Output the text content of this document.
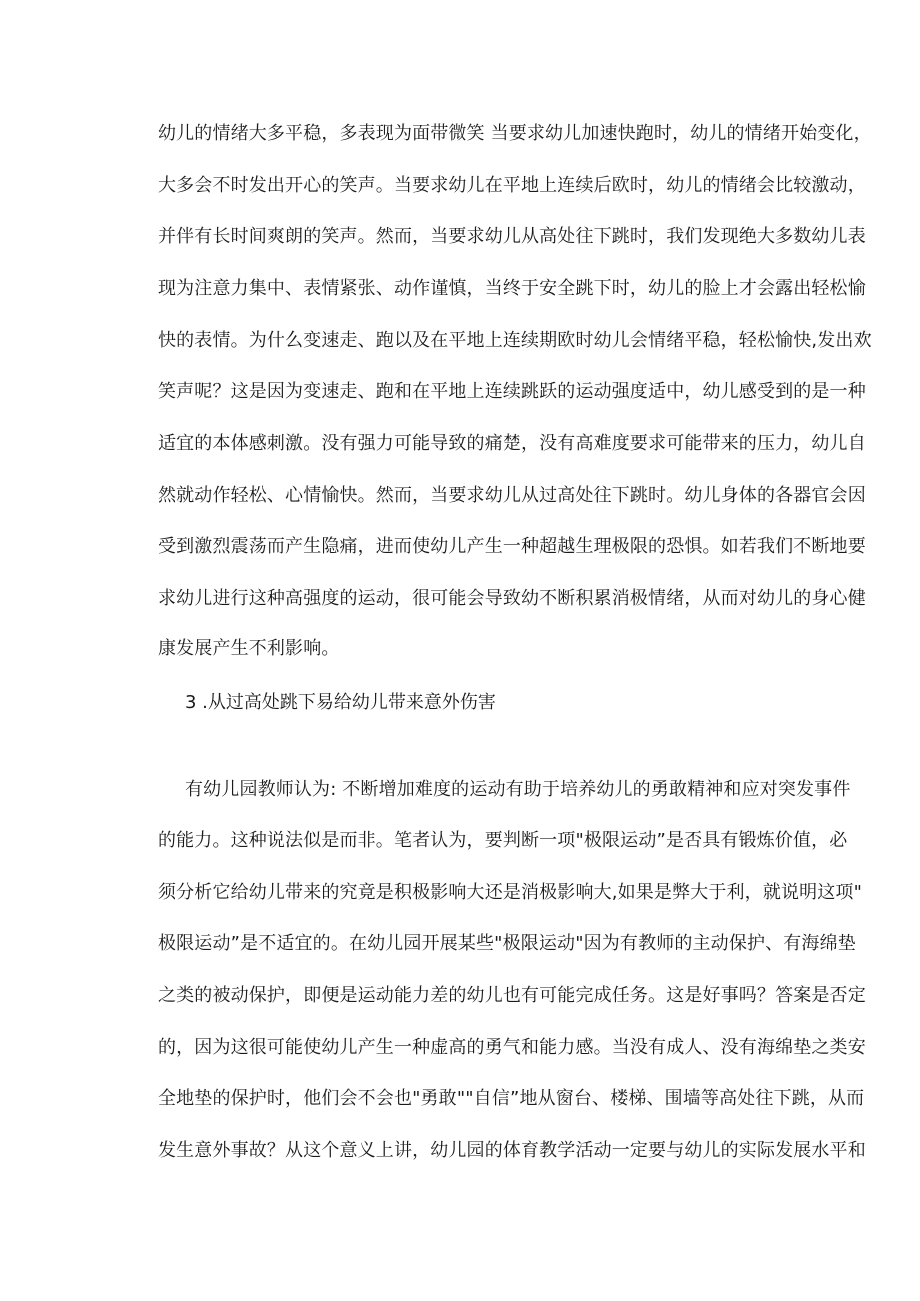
幼儿的情绪大多平稳，多表现为面带微笑 当要求幼儿加速快跑时，幼儿的情绪开始变化，
大多会不时发出开心的笑声。当要求幼儿在平地上连续后欧时，幼儿的情绪会比较激动，
并伴有长时间爽朗的笑声。然而，当要求幼儿从高处往下跳时，我们发现绝大多数幼儿表
现为注意力集中、表情紧张、动作谨慎，当终于安全跳下时，幼儿的脸上才会露出轻松愉
快的表情。为什么变速走、跑以及在平地上连续期欧时幼儿会情绪平稳，轻松愉快,发出欢
笑声呢？这是因为变速走、跑和在平地上连续跳跃的运动强度适中，幼儿感受到的是一种
适宜的本体感刺激。没有强力可能导致的痛楚，没有高难度要求可能带来的压力，幼儿自
然就动作轻松、心情愉快。然而，当要求幼儿从过高处往下跳时。幼儿身体的各器官会因
受到激烈震荡而产生隐痛，进而使幼儿产生一种超越生理极限的恐惧。如若我们不断地要
求幼儿进行这种高强度的运动，很可能会导致幼不断积累消极情绪，从而对幼儿的身心健
康发展产生不利影响。
3 .从过高处跳下易给幼儿带来意外伤害
有幼儿园教师认为: 不断增加难度的运动有助于培养幼儿的勇敢精神和应对突发事件
的能力。这种说法似是而非。笔者认为，要判断一项"极限运动”是否具有锻炼价值，必
须分析它给幼儿带来的究竟是积极影响大还是消极影响大,如果是弊大于利，就说明这项"
极限运动”是不适宜的。在幼儿园开展某些"极限运动"因为有教师的主动保护、有海绵垫
之类的被动保护，即便是运动能力差的幼儿也有可能完成任务。这是好事吗？答案是否定
的，因为这很可能使幼儿产生一种虚高的勇气和能力感。当没有成人、没有海绵垫之类安
全地垫的保护时，他们会不会也"勇敢""自信”地从窗台、楼梯、围墙等高处往下跳，从而
发生意外事故？从这个意义上讲，幼儿园的体育教学活动一定要与幼儿的实际发展水平和
